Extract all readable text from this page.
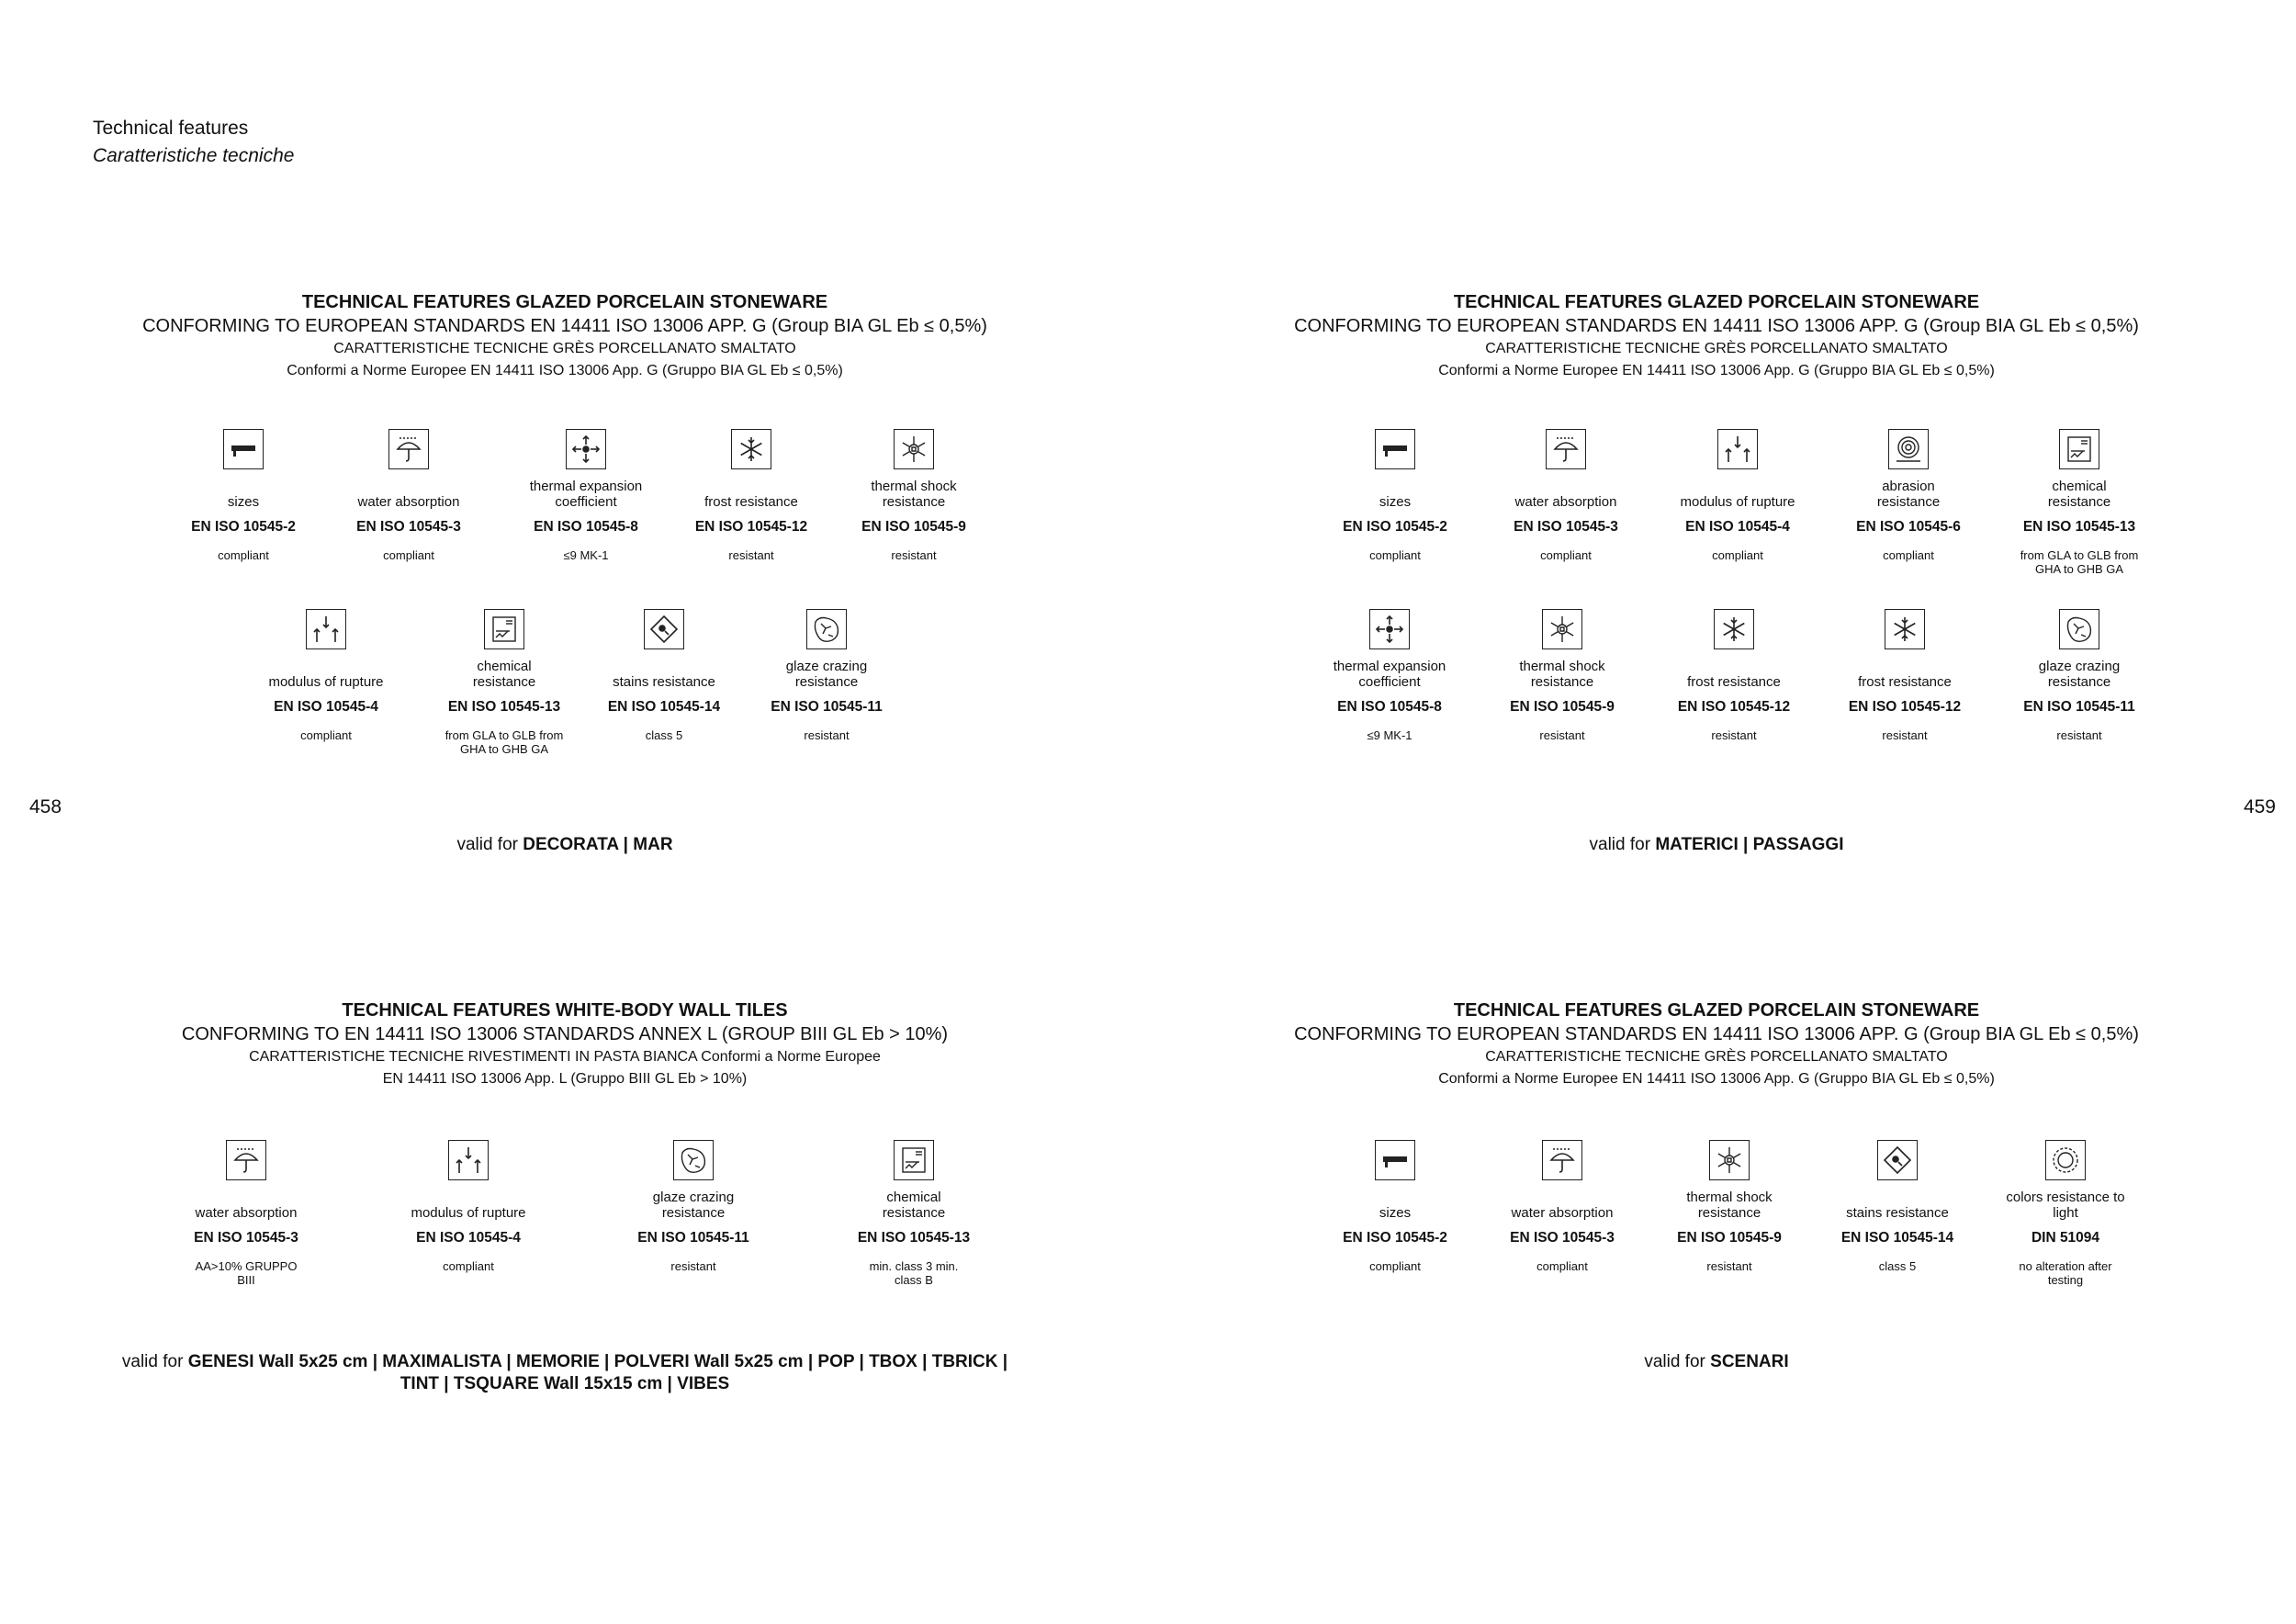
Technical features
Caratteristiche tecniche
458	459
TECHNICAL FEATURES GLAZED PORCELAIN STONEWARE
CONFORMING TO EUROPEAN STANDARDS EN 14411 ISO 13006 APP. G (Group BIA GL Eb ≤ 0,5%)
CARATTERISTICHE TECNICHE GRÈS PORCELLANATO SMALTATO
Conformi a Norme Europee EN 14411 ISO 13006 App. G (Gruppo BIA GL Eb ≤ 0,5%)
sizes
EN ISO 10545-2
compliant
water absorption
EN ISO 10545-3
compliant
thermal expansion coefficient
EN ISO 10545-8
≤9 MK-1
frost resistance
EN ISO 10545-12
resistant
thermal shock resistance
EN ISO 10545-9
resistant
modulus of rupture
EN ISO 10545-4
compliant
chemical resistance
EN ISO 10545-13
from GLA to GLB from GHA to GHB GA
stains resistance
EN ISO 10545-14
class 5
glaze crazing resistance
EN ISO 10545-11
resistant
valid for DECORATA | MAR
TECHNICAL FEATURES GLAZED PORCELAIN STONEWARE
CONFORMING TO EUROPEAN STANDARDS EN 14411 ISO 13006 APP. G (Group BIA GL Eb ≤ 0,5%)
CARATTERISTICHE TECNICHE GRÈS PORCELLANATO SMALTATO
Conformi a Norme Europee EN 14411 ISO 13006 App. G (Gruppo BIA GL Eb ≤ 0,5%)
sizes
EN ISO 10545-2
compliant
water absorption
EN ISO 10545-3
compliant
modulus of rupture
EN ISO 10545-4
compliant
abrasion resistance
EN ISO 10545-6
compliant
chemical resistance
EN ISO 10545-13
from GLA to GLB from GHA to GHB GA
thermal expansion coefficient
EN ISO 10545-8
≤9 MK-1
thermal shock resistance
EN ISO 10545-9
resistant
frost resistance
EN ISO 10545-12
resistant
frost resistance
EN ISO 10545-12
resistant
glaze crazing resistance
EN ISO 10545-11
resistant
valid for MATERICI | PASSAGGI
TECHNICAL FEATURES WHITE-BODY WALL TILES
CONFORMING TO EN 14411 ISO 13006 STANDARDS ANNEX L (GROUP BIII GL Eb > 10%)
CARATTERISTICHE TECNICHE RIVESTIMENTI IN PASTA BIANCA Conformi a Norme Europee
EN 14411 ISO 13006 App. L (Gruppo BIII GL Eb > 10%)
water absorption
EN ISO 10545-3
AA>10% GRUPPO BIII
modulus of rupture
EN ISO 10545-4
compliant
glaze crazing resistance
EN ISO 10545-11
resistant
chemical resistance
EN ISO 10545-13
min. class 3 min. class B
valid for GENESI Wall 5x25 cm | MAXIMALISTA | MEMORIE | POLVERI Wall 5x25 cm | POP | TBOX | TBRICK | TINT | TSQUARE Wall 15x15 cm | VIBES
TECHNICAL FEATURES GLAZED PORCELAIN STONEWARE
CONFORMING TO EUROPEAN STANDARDS EN 14411 ISO 13006 APP. G (Group BIA GL Eb ≤ 0,5%)
CARATTERISTICHE TECNICHE GRÈS PORCELLANATO SMALTATO
Conformi a Norme Europee EN 14411 ISO 13006 App. G (Gruppo BIA GL Eb ≤ 0,5%)
sizes
EN ISO 10545-2
compliant
water absorption
EN ISO 10545-3
compliant
thermal shock resistance
EN ISO 10545-9
resistant
stains resistance
EN ISO 10545-14
class 5
colors resistance to light
DIN 51094
no alteration after testing
valid for SCENARI
